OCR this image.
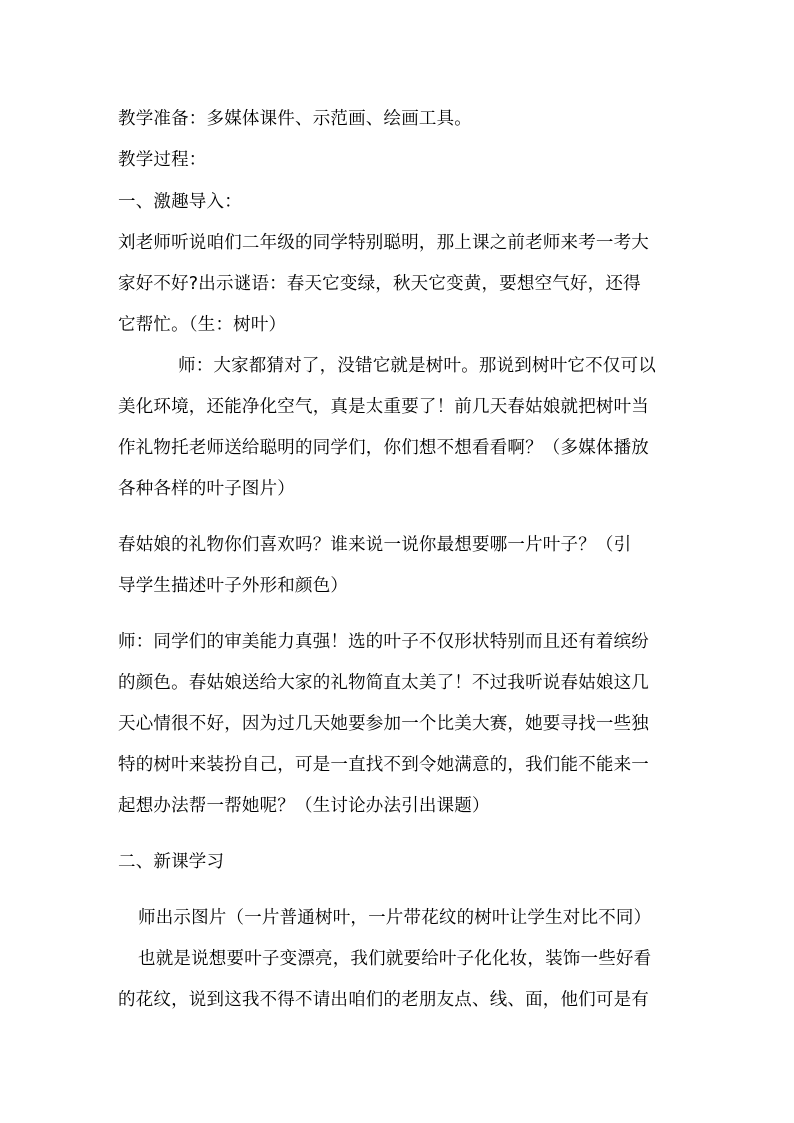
教学准备：多媒体课件、示范画、绘画工具。
教学过程：
一、激趣导入：
刘老师听说咱们二年级的同学特别聪明，那上课之前老师来考一考大
家好不好?出示谜语：春天它变绿，秋天它变黄，要想空气好，还得
它帮忙。（生：树叶）
师：大家都猜对了，没错它就是树叶。那说到树叶它不仅可以
美化环境，还能净化空气，真是太重要了！前几天春姑娘就把树叶当
作礼物托老师送给聪明的同学们，你们想不想看看啊？（多媒体播放
各种各样的叶子图片）
春姑娘的礼物你们喜欢吗？谁来说一说你最想要哪一片叶子？（引
导学生描述叶子外形和颜色）
师：同学们的审美能力真强！选的叶子不仅形状特别而且还有着缤纷
的颜色。春姑娘送给大家的礼物简直太美了！不过我听说春姑娘这几
天心情很不好，因为过几天她要参加一个比美大赛，她要寻找一些独
特的树叶来装扮自己，可是一直找不到令她满意的，我们能不能来一
起想办法帮一帮她呢？（生讨论办法引出课题）
二、新课学习
师出示图片（一片普通树叶，一片带花纹的树叶让学生对比不同）
也就是说想要叶子变漂亮，我们就要给叶子化化妆，装饰一些好看
的花纹，说到这我不得不请出咱们的老朋友点、线、面，他们可是有
